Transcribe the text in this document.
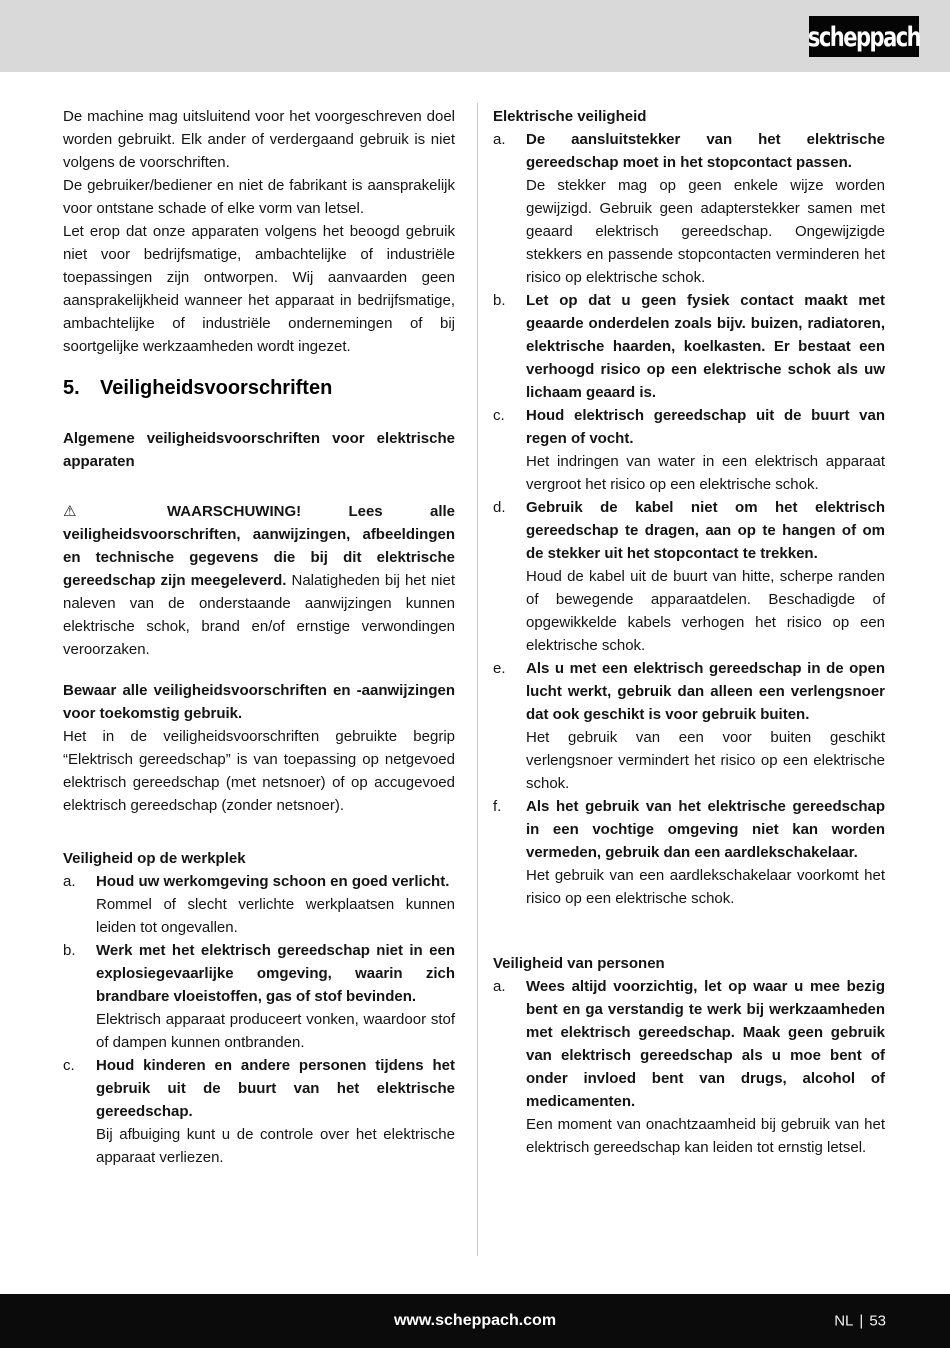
scheppach

De machine mag uitsluitend voor het voorgeschreven doel worden gebruikt. Elk ander of verdergaand gebruik is niet volgens de voorschriften.

De gebruiker/bediener en niet de fabrikant is aansprakelijk voor ontstane schade of elke vorm van letsel.

Let erop dat onze apparaten volgens het beoogd gebruik niet voor bedrijfsmatige, ambachtelijke of industriële toepassingen zijn ontworpen. Wij aanvaarden geen aansprakelijkheid wanneer het apparaat in bedrijfsmatige, ambachtelijke of industriële ondernemingen of bij soortgelijke werkzaamheden wordt ingezet.

5.	Veiligheidsvoorschriften

Algemene veiligheidsvoorschriften voor elektrische apparaten

⚠	WAARSCHUWING! Lees alle veiligheidsvoorschriften, aanwijzingen, afbeeldingen en technische gegevens die bij dit elektrische gereedschap zijn meegeleverd. Nalatigheden bij het niet naleven van de onderstaande aanwijzingen kunnen elektrische schok, brand en/of ernstige verwondingen veroorzaken.

Bewaar alle veiligheidsvoorschriften en -aanwijzingen voor toekomstig gebruik.

Het in de veiligheidsvoorschriften gebruikte begrip “Elektrisch gereedschap” is van toepassing op netgevoed elektrisch gereedschap (met netsnoer) of op accugevoed elektrisch gereedschap (zonder netsnoer).

Veiligheid op de werkplek

a.	Houd uw werkomgeving schoon en goed verlicht.

Rommel of slecht verlichte werkplaatsen kunnen leiden tot ongevallen.

b.	Werk met het elektrisch gereedschap niet in een explosiegevaarlijke omgeving, waarin zich brandbare vloeistoffen, gas of stof bevinden.

Elektrisch apparaat produceert vonken, waardoor stof of dampen kunnen ontbranden.

c.	Houd kinderen en andere personen tijdens het gebruik uit de buurt van het elektrische gereedschap.

Bij afbuiging kunt u de controle over het elektrische apparaat verliezen.

Elektrische veiligheid

a.	De aansluitstekker van het elektrische gereedschap moet in het stopcontact passen.

De stekker mag op geen enkele wijze worden gewijzigd. Gebruik geen adapterstekker samen met geaard elektrisch gereedschap. Ongewijzigde stekkers en passende stopcontacten verminderen het risico op elektrische schok.

b.	Let op dat u geen fysiek contact maakt met geaarde onderdelen zoals bijv. buizen, radiatoren, elektrische haarden, koelkasten. Er bestaat een verhoogd risico op een elektrische schok als uw lichaam geaard is.

c.	Houd elektrisch gereedschap uit de buurt van regen of vocht.

Het indringen van water in een elektrisch apparaat vergroot het risico op een elektrische schok.

d.	Gebruik de kabel niet om het elektrisch gereedschap te dragen, aan op te hangen of om de stekker uit het stopcontact te trekken.

Houd de kabel uit de buurt van hitte, scherpe randen of bewegende apparaatdelen. Beschadigde of opgewikkelde kabels verhogen het risico op een elektrische schok.

e.	Als u met een elektrisch gereedschap in de open lucht werkt, gebruik dan alleen een verlengsnoer dat ook geschikt is voor gebruik buiten.

Het gebruik van een voor buiten geschikt verlengsnoer vermindert het risico op een elektrische schok.

f.	Als het gebruik van het elektrische gereedschap in een vochtige omgeving niet kan worden vermeden, gebruik dan een aardlekschakelaar.

Het gebruik van een aardlekschakelaar voorkomt het risico op een elektrische schok.

Veiligheid van personen

a.	Wees altijd voorzichtig, let op waar u mee bezig bent en ga verstandig te werk bij werkzaamheden met elektrisch gereedschap. Maak geen gebruik van elektrisch gereedschap als u moe bent of onder invloed bent van drugs, alcohol of medicamenten.

Een moment van onachtzaamheid bij gebruik van het elektrisch gereedschap kan leiden tot ernstig letsel.

www.scheppach.com	NL | 53
